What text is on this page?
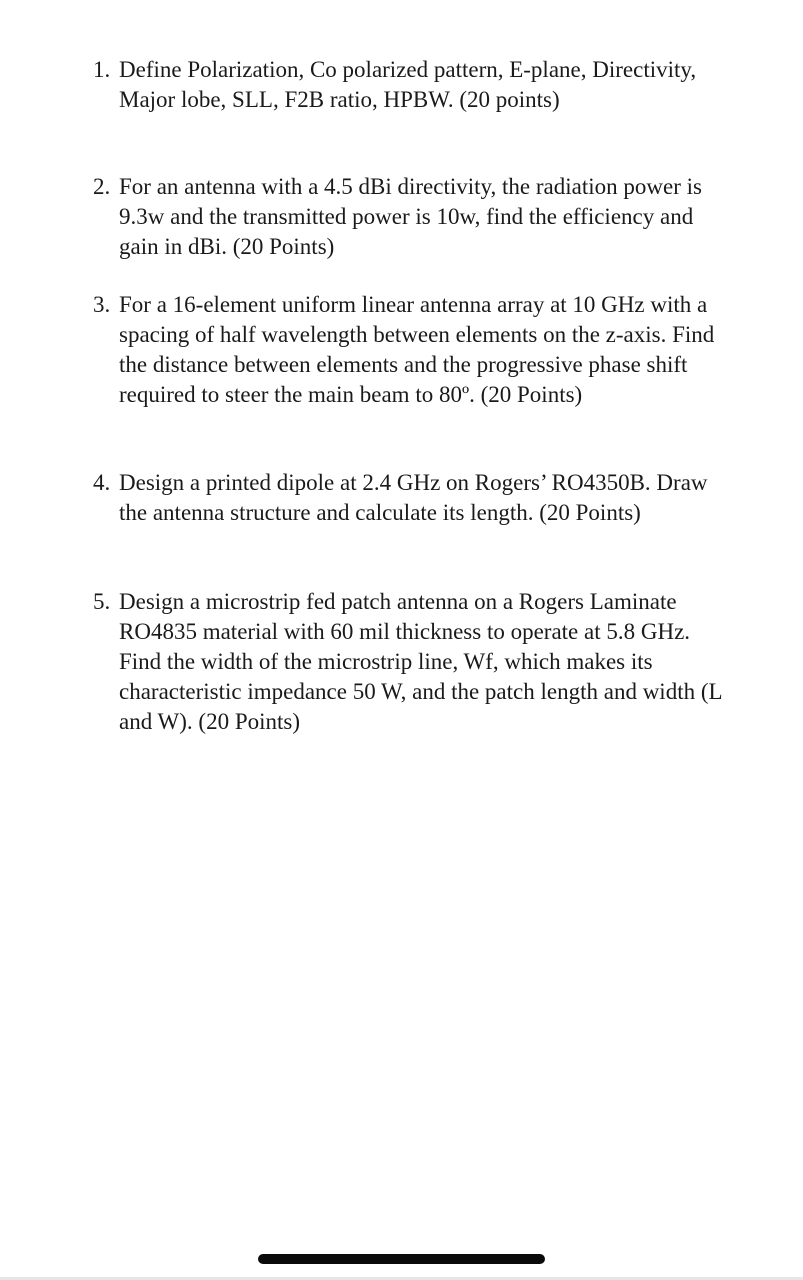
1. Define Polarization, Co polarized pattern, E-plane, Directivity, Major lobe, SLL, F2B ratio, HPBW. (20 points)
2. For an antenna with a 4.5 dBi directivity, the radiation power is 9.3w and the transmitted power is 10w, find the efficiency and gain in dBi. (20 Points)
3. For a 16-element uniform linear antenna array at 10 GHz with a spacing of half wavelength between elements on the z-axis. Find the distance between elements and the progressive phase shift required to steer the main beam to 80º. (20 Points)
4. Design a printed dipole at 2.4 GHz on Rogers’ RO4350B. Draw the antenna structure and calculate its length. (20 Points)
5. Design a microstrip fed patch antenna on a Rogers Laminate RO4835 material with 60 mil thickness to operate at 5.8 GHz. Find the width of the microstrip line, Wf, which makes its characteristic impedance 50 W, and the patch length and width (L and W). (20 Points)
